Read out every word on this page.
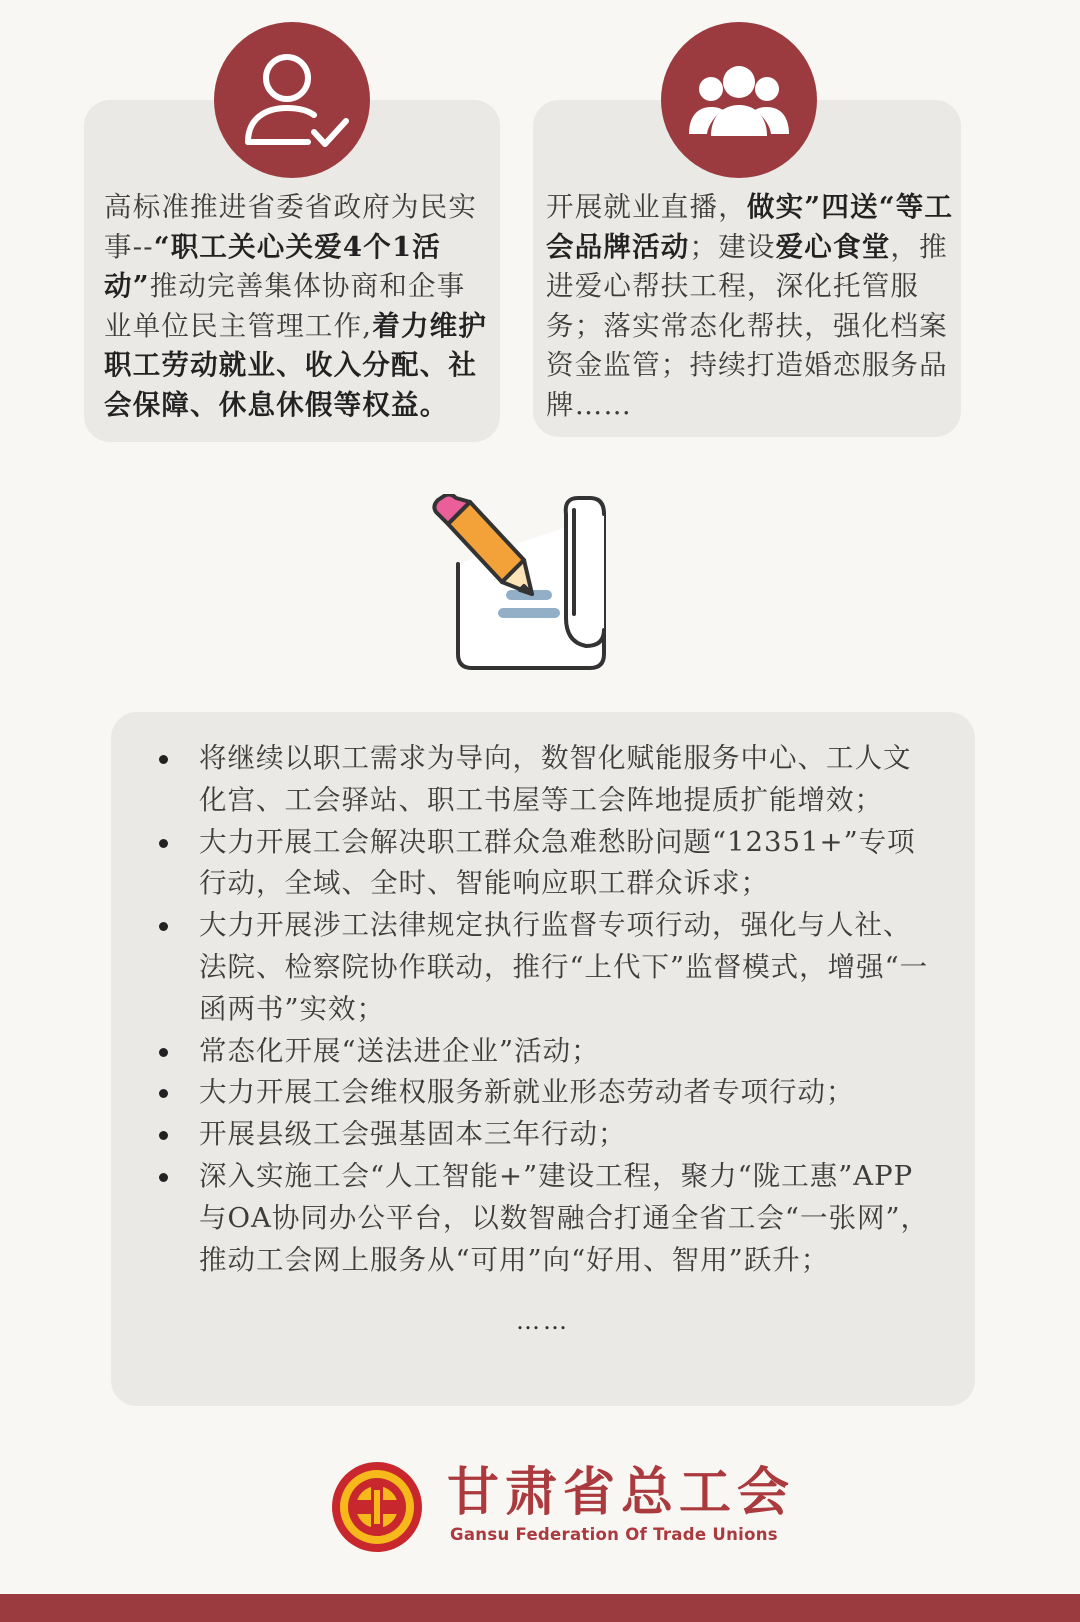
高标准推进省委省政府为民实事--“职工关心关爱4个1活动”推动完善集体协商和企事业单位民主管理工作,着力维护职工劳动就业、收入分配、社会保障、休息休假等权益。
开展就业直播，做实”四送“等工会品牌活动；建设爱心食堂，推进爱心帮扶工程，深化托管服务；落实常态化帮扶，强化档案资金监管；持续打造婚恋服务品牌……
将继续以职工需求为导向，数智化赋能服务中心、工人文化宫、工会驿站、职工书屋等工会阵地提质扩能增效；
大力开展工会解决职工群众急难愁盼问题“12351+”专项行动，全域、全时、智能响应职工群众诉求；
大力开展涉工法律规定执行监督专项行动，强化与人社、法院、检察院协作联动，推行“上代下”监督模式，增强“一函两书”实效；
常态化开展“送法进企业”活动；
大力开展工会维权服务新就业形态劳动者专项行动；
开展县级工会强基固本三年行动；
深入实施工会“人工智能+”建设工程，聚力“陇工惠”APP与OA协同办公平台，以数智融合打通全省工会“一张网”，推动工会网上服务从“可用”向“好用、智用”跃升；
……
甘肃省总工会
Gansu Federation Of Trade Unions
